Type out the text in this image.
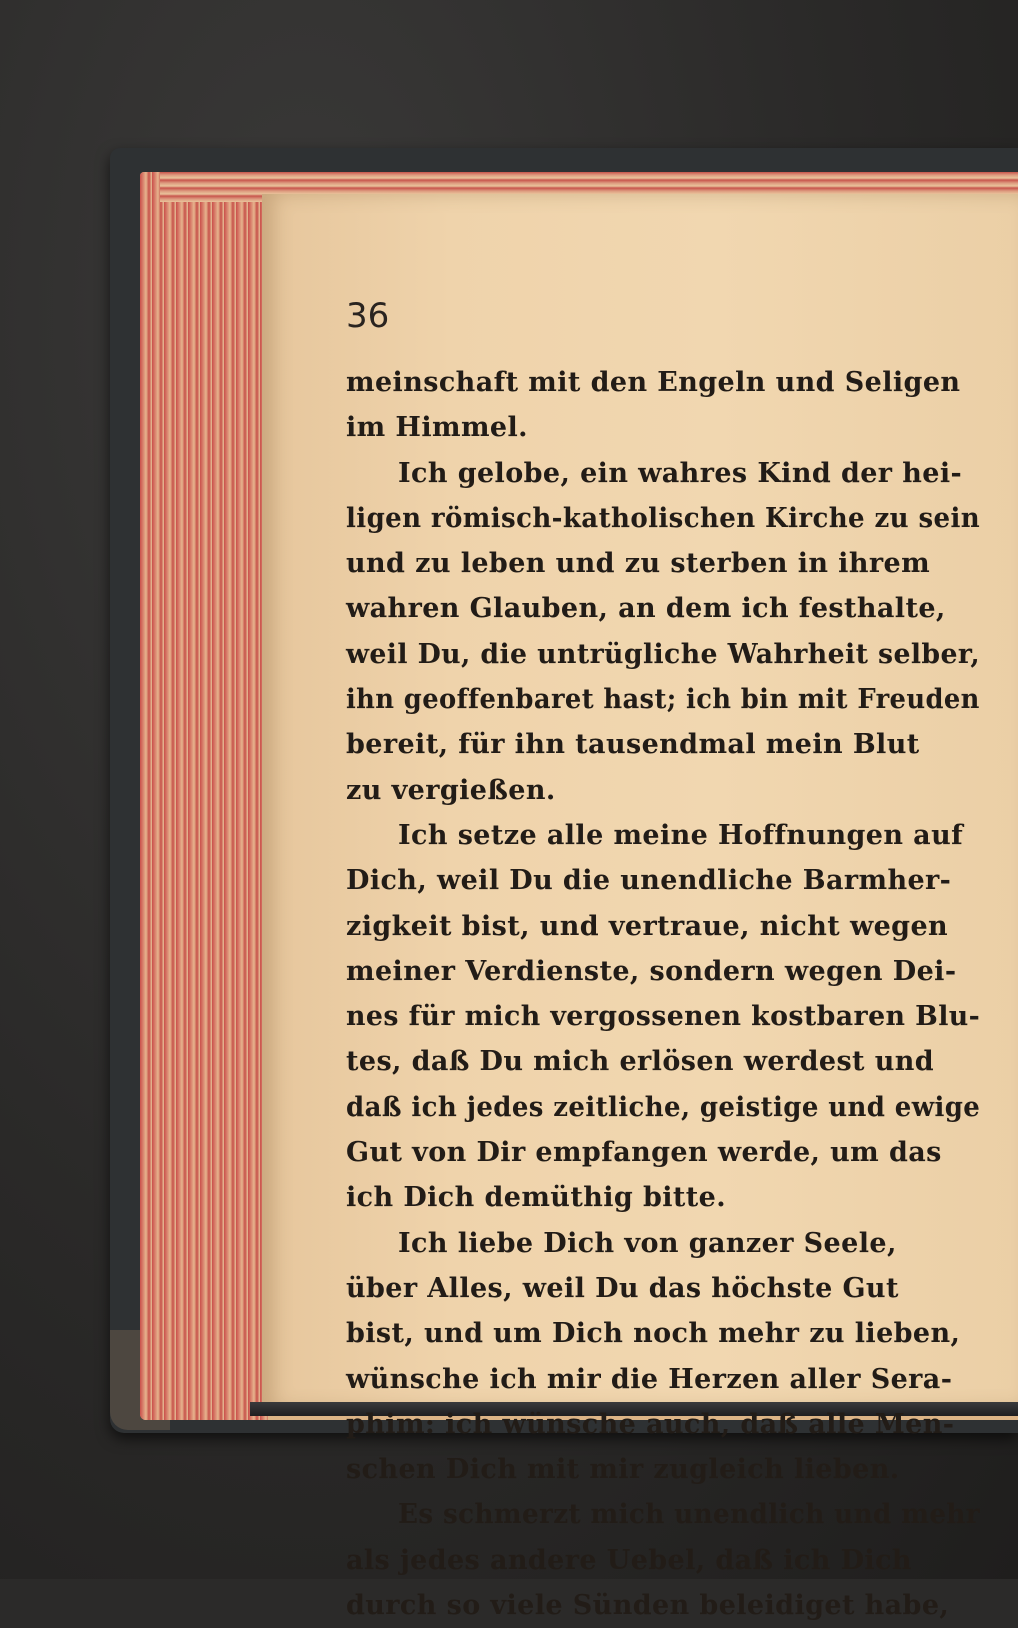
36
meinschaft mit den Engeln und Seligen
im Himmel.
Ich gelobe, ein wahres Kind der hei-
ligen römisch-katholischen Kirche zu sein
und zu leben und zu sterben in ihrem
wahren Glauben, an dem ich festhalte,
weil Du, die untrügliche Wahrheit selber,
ihn geoffenbaret hast; ich bin mit Freuden
bereit, für ihn tausendmal mein Blut
zu vergießen.
Ich setze alle meine Hoffnungen auf
Dich, weil Du die unendliche Barmher-
zigkeit bist, und vertraue, nicht wegen
meiner Verdienste, sondern wegen Dei-
nes für mich vergossenen kostbaren Blu-
tes, daß Du mich erlösen werdest und
daß ich jedes zeitliche, geistige und ewige
Gut von Dir empfangen werde, um das
ich Dich demüthig bitte.
Ich liebe Dich von ganzer Seele,
über Alles, weil Du das höchste Gut
bist, und um Dich noch mehr zu lieben,
wünsche ich mir die Herzen aller Sera-
phim: ich wünsche auch, daß alle Men-
schen Dich mit mir zugleich lieben.
Es schmerzt mich unendlich und mehr
als jedes andere Uebel, daß ich Dich
durch so viele Sünden beleidiget habe,
